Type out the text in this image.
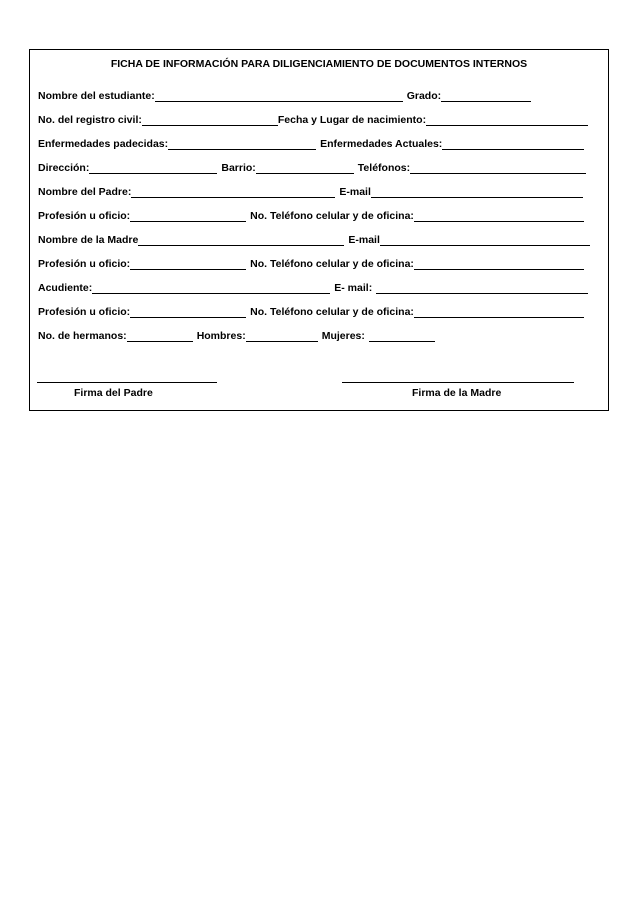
FICHA DE INFORMACIÓN PARA DILIGENCIAMIENTO DE DOCUMENTOS INTERNOS
Nombre del estudiante:	Grado:
No. del registro civil:	Fecha y Lugar de nacimiento:
Enfermedades padecidas:	Enfermedades Actuales:
Dirección:	Barrio:	Teléfonos:
Nombre del Padre:	E-mail
Profesión u oficio:	No. Teléfono celular y de oficina:
Nombre de la Madre	E-mail
Profesión u oficio:	No. Teléfono celular y de oficina:
Acudiente:	E- mail:
Profesión u oficio:	No. Teléfono celular y de oficina:
No. de hermanos:	Hombres:	Mujeres:
Firma del Padre	Firma de la Madre
